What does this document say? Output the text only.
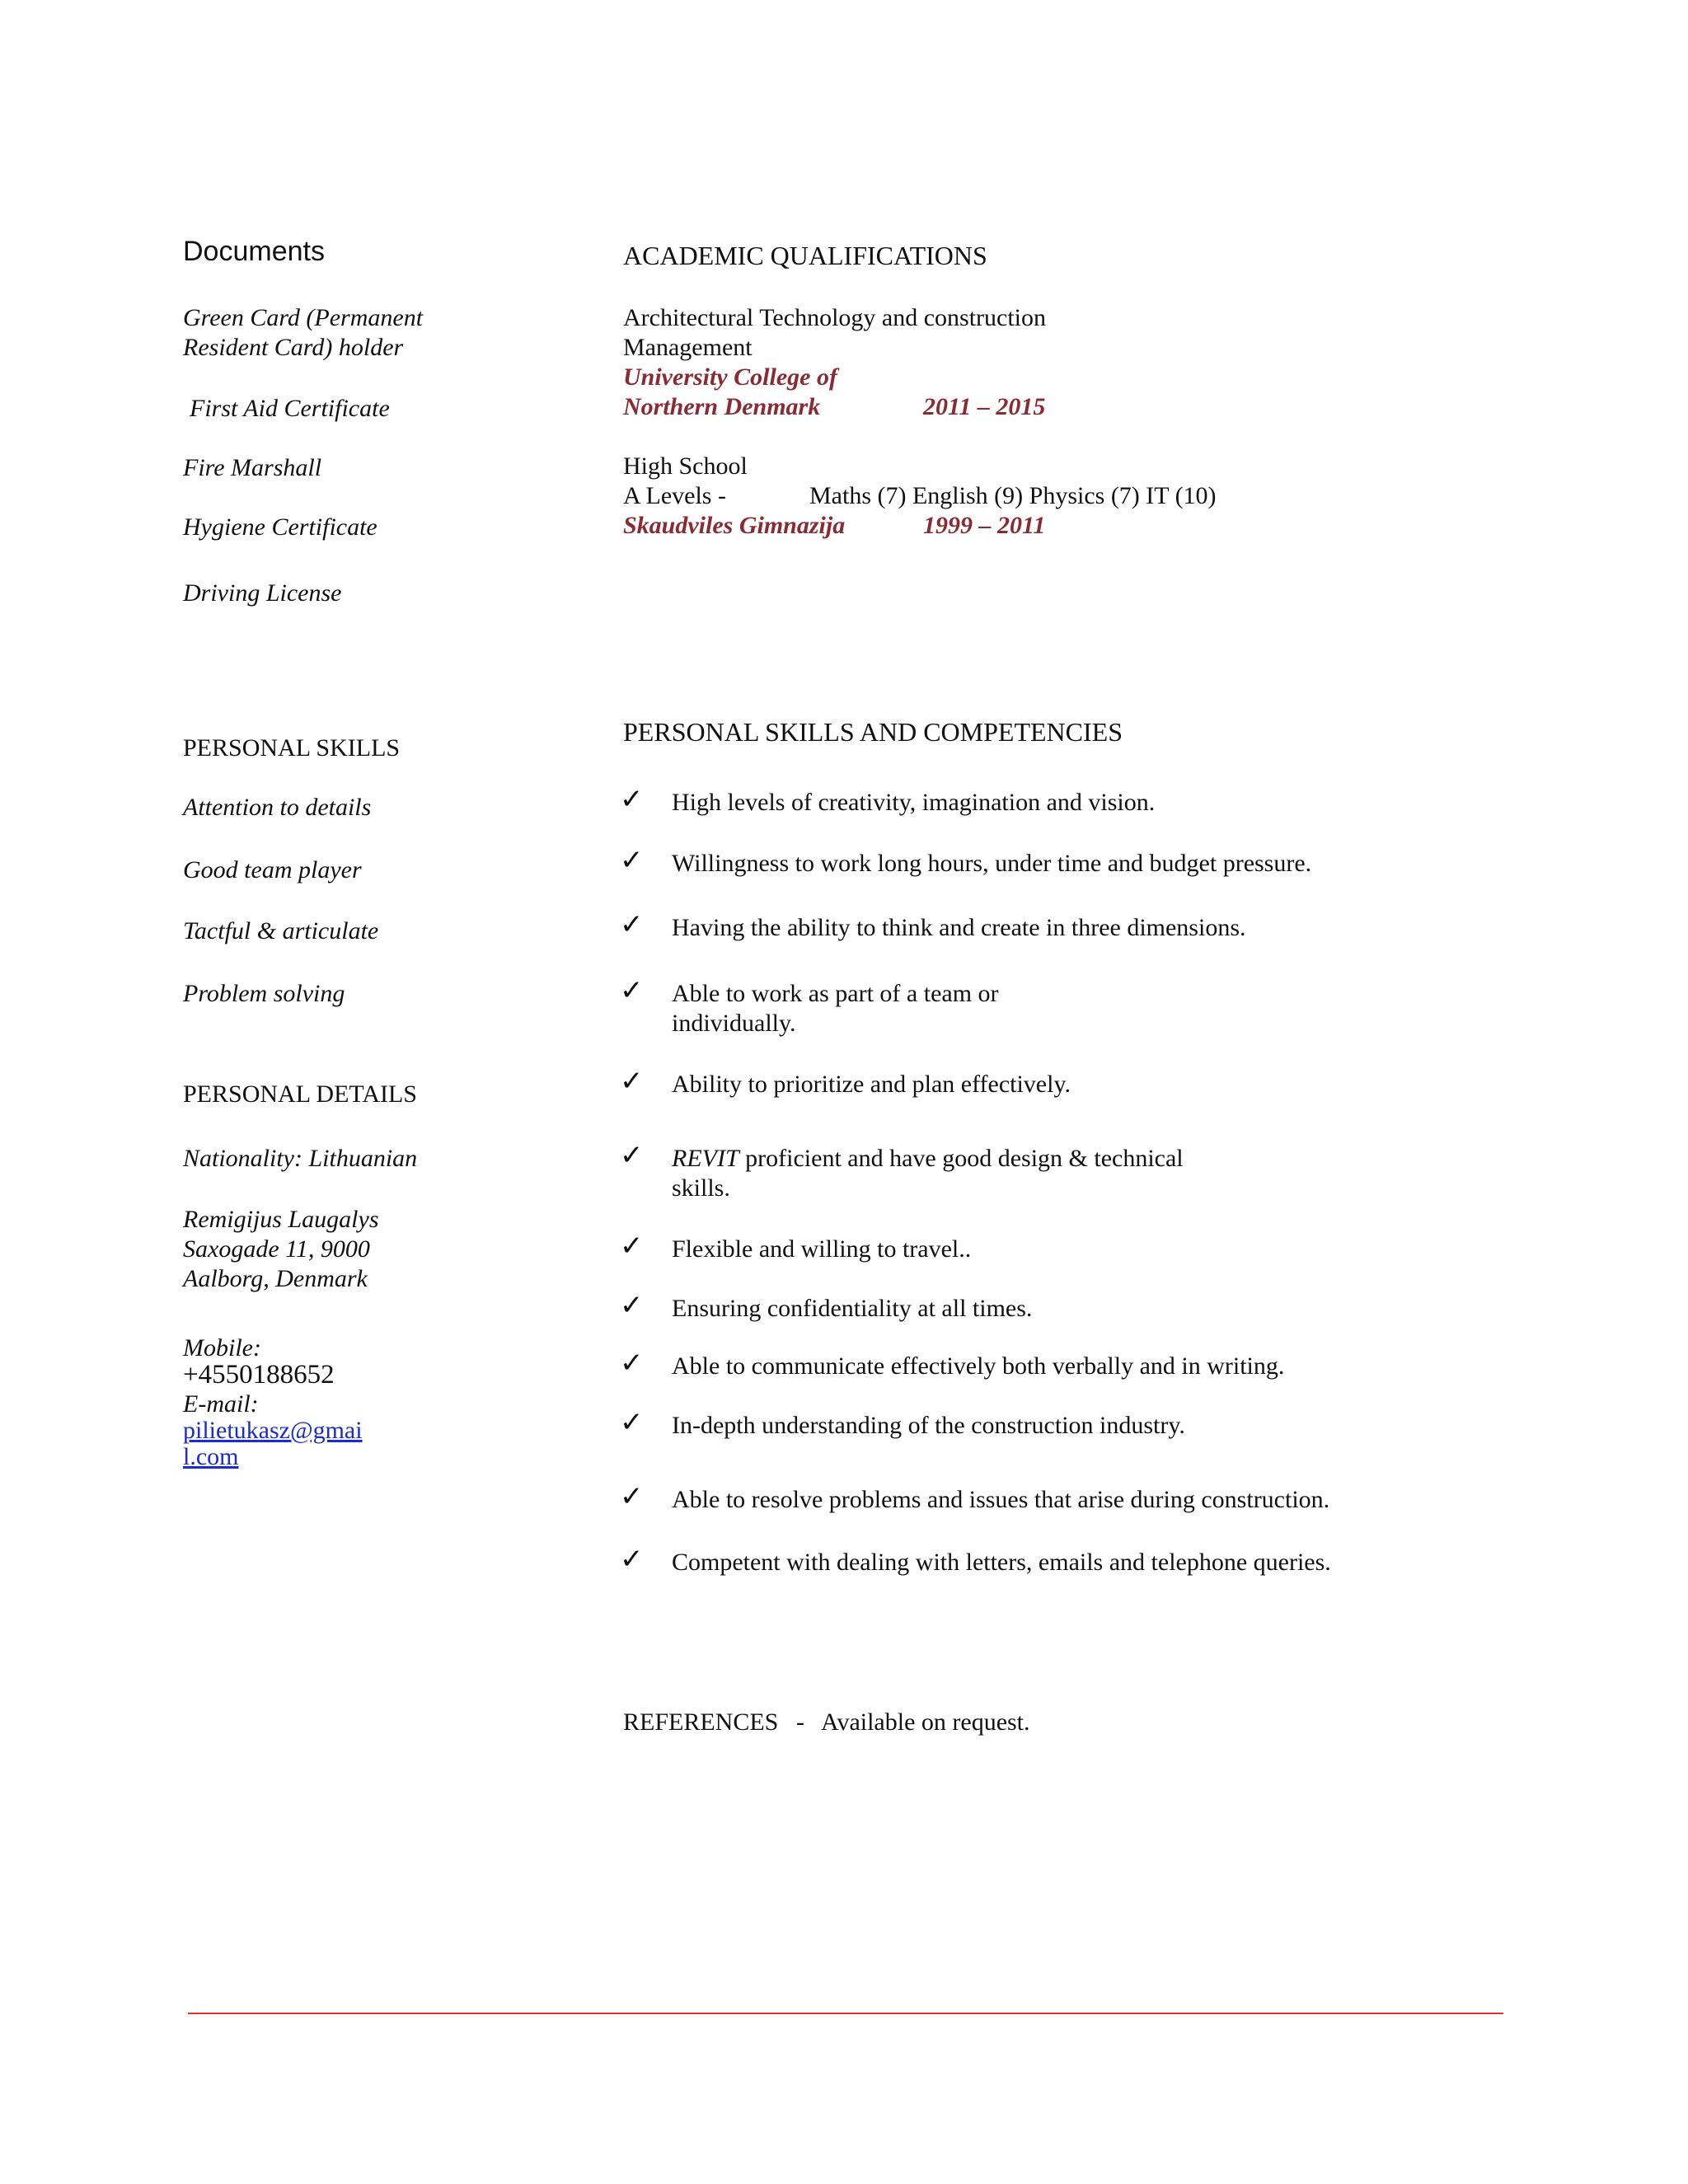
Documents
Green Card (Permanent
Resident Card) holder
First Aid Certificate
Fire Marshall
Hygiene Certificate
Driving License
PERSONAL SKILLS
Attention to details
Good team player
Tactful & articulate
Problem solving
PERSONAL DETAILS
Nationality: Lithuanian
Remigijus Laugalys
Saxogade 11, 9000
Aalborg, Denmark
Mobile:
+4550188652
E-mail:
pilietukasz@gmai
l.com
ACADEMIC QUALIFICATIONS
Architectural Technology and construction
Management
University College of
Northern Denmark	2011 – 2015
High School
A Levels -	Maths (7) English (9) Physics (7) IT (10)
Skaudviles Gimnazija	1999 – 2011
PERSONAL SKILLS AND COMPETENCIES
✓ High levels of creativity, imagination and vision.
✓ Willingness to work long hours, under time and budget pressure.
✓ Having the ability to think and create in three dimensions.
✓ Able to work as part of a team or
individually.
✓ Ability to prioritize and plan effectively.
✓ REVIT proficient and have good design & technical
skills.
✓ Flexible and willing to travel..
✓ Ensuring confidentiality at all times.
✓ Able to communicate effectively both verbally and in writing.
✓ In-depth understanding of the construction industry.
✓ Able to resolve problems and issues that arise during construction.
✓ Competent with dealing with letters, emails and telephone queries.
REFERENCES - Available on request.
